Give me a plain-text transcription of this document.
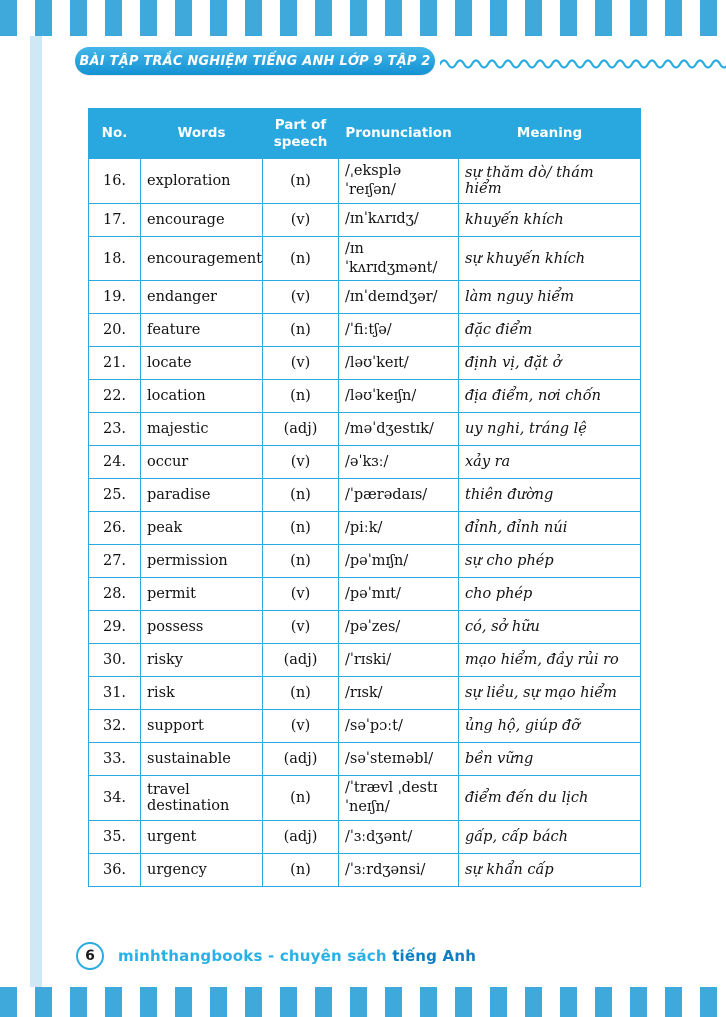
BÀI TẬP TRẮC NGHIỆM TIẾNG ANH LỚP 9 TẬP 2
No.	Words	Part of speech	Pronunciation	Meaning
16.	exploration	(n)	/ˌekspləˈreɪʃən/	sự thăm dò/ thám hiểm
17.	encourage	(v)	/ɪnˈkʌrɪdʒ/	khuyến khích
18.	encouragement	(n)	/ɪnˈkʌrɪdʒmənt/	sự khuyến khích
19.	endanger	(v)	/ɪnˈdeɪndʒər/	làm nguy hiểm
20.	feature	(n)	/ˈfiːtʃə/	đặc điểm
21.	locate	(v)	/ləʊˈkeɪt/	định vị, đặt ở
22.	location	(n)	/ləʊˈkeɪʃn/	địa điểm, nơi chốn
23.	majestic	(adj)	/məˈdʒestɪk/	uy nghi, tráng lệ
24.	occur	(v)	/əˈkɜː/	xảy ra
25.	paradise	(n)	/ˈpærədaɪs/	thiên đường
26.	peak	(n)	/piːk/	đỉnh, đỉnh núi
27.	permission	(n)	/pəˈmɪʃn/	sự cho phép
28.	permit	(v)	/pəˈmɪt/	cho phép
29.	possess	(v)	/pəˈzes/	có, sở hữu
30.	risky	(adj)	/ˈrɪski/	mạo hiểm, đầy rủi ro
31.	risk	(n)	/rɪsk/	sự liều, sự mạo hiểm
32.	support	(v)	/səˈpɔːt/	ủng hộ, giúp đỡ
33.	sustainable	(adj)	/səˈsteɪnəbl/	bền vững
34.	travel destination	(n)	/ˈtrævl ˌdestɪˈneɪʃn/	điểm đến du lịch
35.	urgent	(adj)	/ˈɜːdʒənt/	gấp, cấp bách
36.	urgency	(n)	/ˈɜːrdʒənsi/	sự khẩn cấp
6	minhthangbooks - chuyên sách tiếng Anh
